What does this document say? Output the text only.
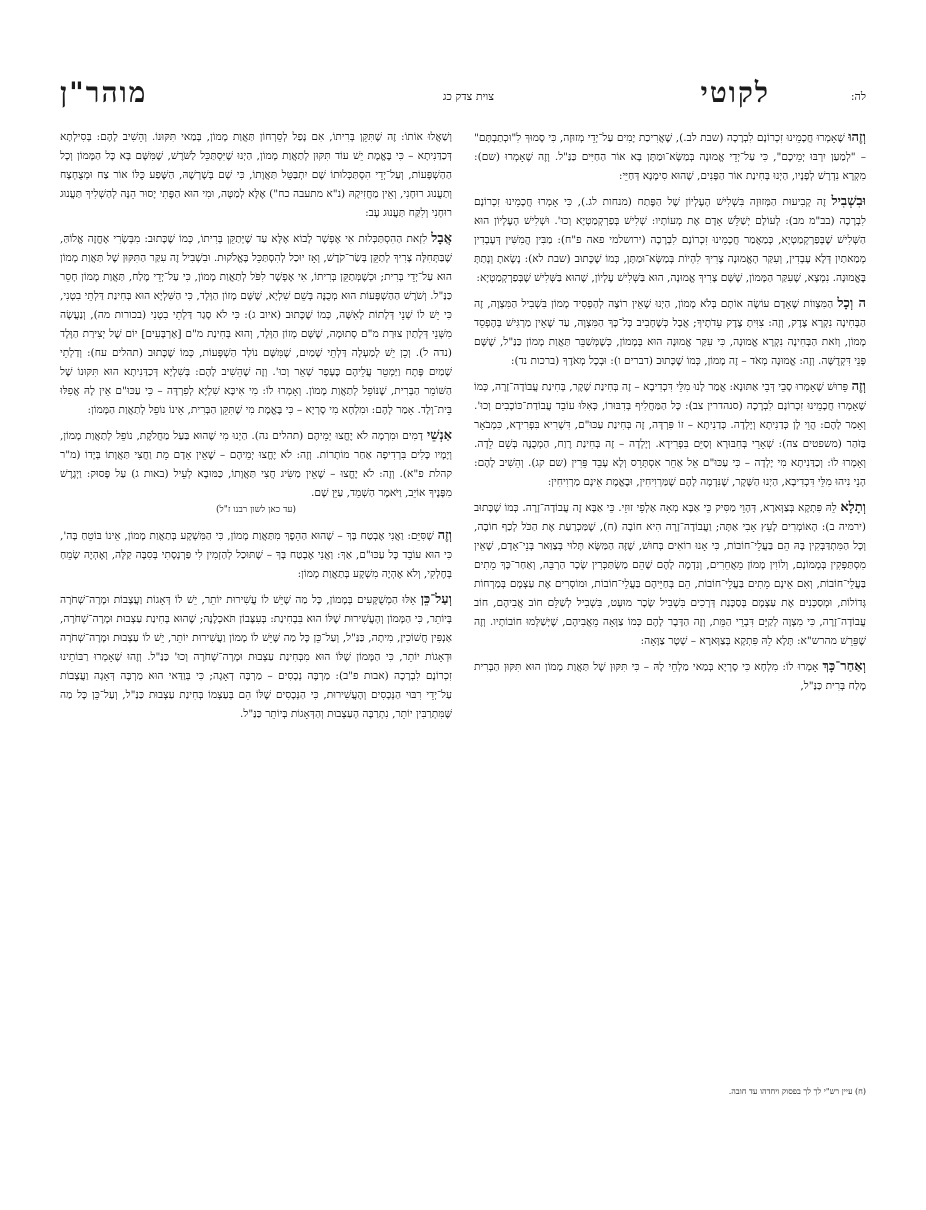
לה:
לקוטי
צוית צדק כג
מוהר"ן

וְזֶהוּ שֶׁאָמְרוּ חֲכָמֵינוּ זִכְרוֹנָם לִבְרָכָה (שבת לב.), שֶׁאֲרִיכַת יָמִים עַל־יְדֵי מְזוּזָה, כִּי סָמוּךְ לִ"וּכְתַבְתָּם" – "לְמַעַן יִרְבּוּ יְמֵיכֶם", כִּי עַל־יְדֵי אֱמוּנָה בְּמַשָּׂא־וּמַתָּן בָּא אוֹר הַחַיִּים כַּנַּ"ל. וְזֶה שֶׁאָמְרוּ (שם): מִקְרָא נִדְרָשׁ לְפָנָיו, הַיְנוּ בְּחִינַת אוֹר הַפָּנִים, שֶׁהוּא סִימָנָא דְּחַיֵּי:

וּבִשְׁבִיל זֶה קְבִיעוּת הַמְּזוּזָה בִּשְׁלִישׁ הָעֶלְיוֹן שֶׁל הַפֶּתַח (מנחות לג.), כִּי אָמְרוּ חֲכָמֵינוּ זִכְרוֹנָם לִבְרָכָה (בב"מ מב): לְעוֹלָם יְשַׁלֵּשׁ אָדָם אֶת מְעוֹתָיו: שְׁלִישׁ בְּפַרְקְמַטְיָא וְכוּ'. וּשְׁלִישׁ הָעֶלְיוֹן הוּא הַשְּׁלִישׁ שֶׁבְּפַרְקְמַטְיָא, כְּמַאֲמַר חֲכָמֵינוּ זִכְרוֹנָם לִבְרָכָה (ירושלמי פאה פ"ח): מַבִּין הֲמִשִּׁין דְּעָבְדִין מְמַאתַיִן דְּלָא עָבְדִין, וְעִקַּר הָאֱמוּנָה צָרִיךְ לִהְיוֹת בְּמַשָּׂא־וּמַתָּן, כְּמוֹ שֶׁכָּתוּב (שבת לא): נָשָׂאתָ וְנָתַתָּ בֶּאֱמוּנָה. נִמְצָא, שֶׁעִקַּר הַמָּמוֹן, שֶׁשָּׁם צָרִיךְ אֱמוּנָה, הוּא בַּשְּׁלִישׁ עֶלְיוֹן, שֶׁהוּא בַּשְּׁלִישׁ שֶׁבְּפַרְקְמַטְיָא:

ה וְכָל הַמִּצְווֹת שֶׁאָדָם עוֹשֶׂה אוֹתָם בְּלֹא מָמוֹן, הַיְנוּ שֶׁאֵין רוֹצֶה לְהַפְסִיד מָמוֹן בִּשְׁבִיל הַמִּצְוָה, זֶה הַבְּחִינָה נִקְרָא צֶדֶק, וְזֶה: צִוִּיתָ צֶדֶק עֵדֹתֶיךָ; אֲבָל כְּשֶׁחָבִיב כָּל־כָּךְ הַמִּצְוָה, עַד שֶׁאֵין מַרְגִּישׁ בְּהֶפְסֵד מָמוֹן, וְזֹאת הַבְּחִינָה נִקְרָא אֱמוּנָה, כִּי עִקַּר אֱמוּנָה הוּא בְּמָמוֹן, כְּשֶׁמְּשַׁבֵּר תַּאֲוַת מָמוֹן כַּנַּ"ל, שֶׁשָּׁם פְּנֵי דִּקְדֻשָּׁה. וְזֶה: אֱמוּנָה מְאֹד – זֶה מָמוֹן, כְּמוֹ שֶׁכָּתוּב (דברים ו): וּבְכָל מְאֹדֶךָ (ברכות נד):

וְזֶה פֵּרוּשׁ שֶׁאָמְרוּ סָבֵי דְּבֵי אַתּוּנָא: אֲמַר לָנוּ מִלֵּי דִּכְדִיבָא – זֶה בְּחִינַת שֶׁקֶר, בְּחִינַת עֲבוֹדָה־זָרָה, כְּמוֹ שֶׁאָמְרוּ חֲכָמֵינוּ זִכְרוֹנָם לִבְרָכָה (סנהדרין צב): כָּל הַמַּחֲלִיף בְּדִבּוּרוֹ, כְּאִלּוּ עוֹבֵד עֲבוֹדַת־כּוֹכָבִים וְכוּ'. וְאָמַר לָהֶם: הֲוֵי לָן כְּדַנִיתָא וְיָלְדָה. כְּדַנִיתָא – זוֹ פִּרְדָּה, זֶה בְּחִינַת עַכּוּ"ם, דִּשְׁרִיא בִּפְרִידָא, כִּמְבֹאָר בַּזֹּהַר (משפטים צה): שְׁאָרֵי בְּחִבּוּרָא וְסַיֵּם בִּפְרִידָא. וְיָלְדָה – זֶה בְּחִינַת רֶוַח, הַמְכֻנֶּה בְּשֵׁם לֵדָה. וְאָמְרוּ לוֹ: וְכַדַּנִיתָא מִי יָלְדָה – כִּי עַכּוּ"ם אֵל אַחֵר אִסְתָּרֵס וְלָא עָבֵד פֵּרִין (שם קג). וְהֵשִׁיב לָהֶם: הָנֵי נִיהוּ מִלֵּי דִּכְדִיבָא, הַיְנוּ הַשֶּׁקֶר, שֶׁנִּדְמֶה לָהֶם שֶׁמַּרְוִיחִין, וּבֶאֱמֶת אֵינָם מַרְוִיחִין:

וְתָלָא לֵהּ פִּתְקָא בְּצַוְּארָא, דְּהָוֵי מַסִּיק כֵּי אַבָּא מְאָה אַלְפֵי זוּזֵי. כֵּי אַבָּא זֶה עֲבוֹדָה־זָרָה. כְּמוֹ שֶׁכָּתוּב (ירמיה ב): הָאוֹמְרִים לָעֵץ אָבִי אַתָּה; וַעֲבוֹדָה־זָרָה הִיא חוֹבָה (ח), שֶׁמַּכְרַעַת אֶת הַכֹּל לְכַף חוֹבָה, וְכָל הַמִּתְדַּבְּקִין בָּהּ הֵם בַּעֲלֵי־חוֹבוֹת, כִּי אָנוּ רוֹאִים בְּחוּשׁ, שֶׁזֶּה הַמַּשָּׂא תָּלוּי בְּצַוַּאר בְּנֵי־אָדָם, שֶׁאֵין מִסְתַּפְּקִין בְּמָמוֹנָם, וְלוֹוִין מָמוֹן מֵאֲחֵרִים, וְנִדְמֶה לָהֶם שֶׁהֵם מַשְׂתַּכְּרִין שָׂכָר הַרְבֵּה, וְאַחַר־כָּךְ מֵתִים בַּעֲלֵי־חוֹבוֹת, וְאִם אֵינָם מֵתִים בַּעֲלֵי־חוֹבוֹת, הֵם בְּחַיֵּיהֶם בַּעֲלֵי־חוֹבוֹת, וּמוֹסְרִים אֶת עַצְמָם בְּמַרְחוֹת גְּדוֹלוֹת, וּמְסַכְּנִים אֶת עַצְמָם בְּסַכָּנַת דְּרָכִים בִּשְׁבִיל שָׂכָר מוּעָט, בִּשְׁבִיל לְשַׁלֵּם חוֹב אֲבִיהֶם, חוֹב עֲבוֹדָה־זָרָה, כִּי מִצְוָה לְקַיֵּם דִּבְרֵי הַמֵּת, וְזֶה הַדָּבָר לָהֶם כְּמוֹ צַוָּאָה מֵאֲבִיהֶם, שֶׁיְּשַׁלְּמוּ חוֹבוֹתָיו. וְזֶה שֶׁפֵּרֵשׁ מהרש"א: תָּלָא לֵהּ פִּתְקָא בְּצַוְּארָא – שְׁטָר צַוָּאָה:

וְאַחַר־כָּךְ אָמְרוּ לוֹ: מִלְחָא כִּי סָרְיָא בְּמַאי מַלְחֵי לָהּ – כִּי תִּקּוּן שֶׁל תַּאֲוַת מָמוֹן הוּא תִּקּוּן הַבְּרִית מֶלַח בְּרִית כַּנַּ"ל,

וְשַׁאֲלוּ אוֹתוֹ: זֶה שֶׁתִּקֵּן בְּרִיתוֹ, אִם נָפַל לְסֵרְחוֹן תַּאֲוַת מָמוֹן, בְּמַאי תִּקּוּנוֹ. וְהֵשִׁיב לָהֶם: בְּסִילְתָא דְּכַדַּנִיתָא – כִּי בֶּאֱמֶת יֵשׁ עוֹד תִּקּוּן לְתַאֲוַת מָמוֹן, הַיְנוּ שֶׁיִּסְתַּכֵּל לַשֹּׁרֶשׁ, שֶׁמִּשָּׁם בָּא כָּל הַמָּמוֹן וְכָל הַהַשְׁפָּעוֹת, וְעַל־יְדֵי הִסְתַּכְּלוּתוֹ שָׁם יִתְבַּטֵּל תַּאֲוָתוֹ, כִּי שָׁם בְּשָׁרְשָׁהּ, הַשֶּׁפַע כֻּלּוֹ אוֹר צַח וּמְצֻחְצָח וְתַעֲנוּג רוּחָנִי, וְאֵין מַחֲזִיקָהּ (נ"א מתעבה כח") אֶלָּא לְמַטָּה, וּמִי הוּא הַפֶּתִי יָסוּר הֵנָּה לְהַשְׁלִיךְ תַּעֲנוּג רוּחָנִי וְלִקַּח תַּעֲנוּג עָב:

אֲבָל לִזְאת הַהִסְתַּכְּלוּת אִי אֶפְשָׁר לָבוֹא אֶלָּא עַד שֶׁיְּתַקֵּן בְּרִיתוֹ, כְּמוֹ שֶׁכָּתוּב: מִבְּשָׂרִי אֶחֱזֶה אֱלוֹהַּ, שֶׁבַּתְּחִלָּה צָרִיךְ לְתַקֵּן בְּשַׂר־קֹדֶשׁ, וְאָז יוּכַל לְהִסְתַּכֵּל בֶּאֱלֹקוּת. וּבִשְׁבִיל זֶה עִקַּר הַתִּקּוּן שֶׁל תַּאֲוַת מָמוֹן הוּא עַל־יְדֵי בְּרִית; וּכְשֶׁמְּתַקֵּן בְּרִיתוֹ, אִי אֶפְשָׁר לִפֹּל לְתַאֲוַת מָמוֹן, כִּי עַל־יְדֵי מֶלַח, תַּאֲוַת מָמוֹן חָסֵר כַּנַּ"ל. וְשֹׁרֶשׁ הַהַשְׁפָּעוֹת הוּא מְכֻנֶּה בְּשֵׁם שִׁלְיָא, שֶׁשָּׁם מָזוֹן הַוָּלָד, כִּי הַשִּׁלְיָא הוּא בְּחִינַת דַּלְתֵי בִטְנִי, כִּי יֵשׁ לוֹ שְׁנֵי דְּלָתוֹת לָאִשָּׁה, כְּמוֹ שֶׁכָּתוּב (איוב ג): כִּי לֹא סָגַר דַּלְתֵי בִטְנִי (בכורות מה), וְנַעֲשָׂה מִשְּׁנֵי דְּלָתַיִן צוּרַת מ"ם סְתוּמָה, שֶׁשָּׁם מְזוֹן הַוָּלָד, וְהוּא בְּחִינַת מ"ם [אַרְבָּעִים] יוֹם שֶׁל יְצִירַת הַוָּלָד (נדה ל). וְכֵן יֵשׁ לְמַעְלָה דַּלְתֵי שָׁמַיִם, שֶׁמִּשָּׁם נוֹלָד הַשְׁפָּעוֹת, כְּמוֹ שֶׁכָּתוּב (תהלים עח): וְדַלְתֵי שָׁמַיִם פָּתָח וַיַּמְטֵר עֲלֵיהֶם כֶּעָפָר שְׁאֵר וְכוּ'. וְזֶה שֶׁהֵשִׁיב לָהֶם: בְּשִׁלְיָא דְּכַדַּנִיתָא הוּא תִּקּוּנוֹ שֶׁל הַשּׁוֹמֵר הַבְּרִית, שֶׁנּוֹפֵל לְתַאֲוַת מָמוֹן. וְאָמְרוּ לוֹ: מִי אִיכָּא שִׁלְיָא לְפִרְדָּה – כִּי עַכּוּ"ם אֵין לָהּ אֲפִלּוּ בֵּית־וָלָד. אָמַר לָהֶם: וּמִלְחָא מִי סָרְיָא – כִּי בֶּאֱמֶת מִי שֶׁתִּקֵּן הַבְּרִית, אֵינוֹ נוֹפֵל לְתַאֲוַת הַמָּמוֹן:

אַנְשֵׁי דָמִים וּמִרְמָה לֹא יֶחֱצוּ יְמֵיהֶם (תהלים נה). הַיְנוּ מִי שֶׁהוּא בַּעַל מַחֲלֹקֶת, נוֹפֵל לְתַאֲוַת מָמוֹן, וְיָמָיו כָּלִים בִּרְדִיפָה אַחַר מוֹתָרוֹת. וְזֶה: לֹא יֶחֱצוּ יְמֵיהֶם – שֶׁאֵין אָדָם מֵת וַחֲצִי תַּאֲוָתוֹ בְּיָדוֹ (מ"ר קהלת פ"א). וְזֶה: לֹא יֶחֱצוּ – שֶׁאֵין מַשִּׂיג חֲצִי תַּאֲוָתוֹ, כַּמּוּבָא לְעֵיל (באות ג) עַל פָּסוּק: וַיְגָרֶשׁ מִפָּנֶיךָ אוֹיֵב, וַיֹּאמֶר הַשְׁמֵד, עַיֵּן שָׁם.
(עד כאן לשון רבנו ז"ל)

וְזֶה שֶׁסִּיֵּם: וַאֲנִי אֶבְטַח בָּךְ – שֶׁהוּא הַהֵפֶךְ מִתַּאֲוַת מָמוֹן, כִּי הַמִּשְׁקָע בְּתַאֲוַת מָמוֹן, אֵינוֹ בּוֹטֵחַ בָּה', כִּי הוּא עוֹבֵד כָּל עַכּוּ"ם, אַךְ: וַאֲנִי אֶבְטַח בָּךְ – שֶׁתּוּכַל לְהַזְמִין לִי פַּרְנָסָתִי בְּסִבָּה קַלָּה, וְאֶהְיֶה שָׂמֵחַ בְּחֶלְקִי, וְלֹא אֶהְיֶה מִשְׁקָע בְּתַאֲוַת מָמוֹן:

וְעַל־כֵּן אֵלּוּ הַמְשֻׁקָּעִים בְּמָמוֹן, כָּל מַה שֶׁיֵּשׁ לוֹ עֲשִׁירוּת יוֹתֵר, יֵשׁ לוֹ דְּאָגוֹת וַעֲצָבוֹת וּמָרָה־שְׁחֹרָה בְּיוֹתֵר, כִּי הַמָּמוֹן וְהָעֲשִׁירוּת שֶׁלּוֹ הוּא בִּבְחִינַת: בְּעִצָּבוֹן תֹּאכְלֶנָּה; שֶׁהוּא בְּחִינַת עַצְבוּת וּמָרָה־שְׁחֹרָה, אַנְפִּין חֲשׁוֹכִין, מִיתָה, כַּנַּ"ל, וְעַל־כֵּן כָּל מַה שֶּׁיֵּשׁ לוֹ מָמוֹן וַעֲשִׁירוּת יוֹתֵר, יֵשׁ לוֹ עַצְבוּת וּמָרָה־שְׁחֹרָה וּדְאָגוֹת יוֹתֵר, כִּי הַמָּמוֹן שֶׁלּוֹ הוּא מִבְּחִינַת עַצְבוּת וּמָרָה־שְׁחֹרָה וְכוּ' כַּנַּ"ל. וְזֶהוּ שֶׁאָמְרוּ רַבּוֹתֵינוּ זִכְרוֹנָם לִבְרָכָה (אבות פ"ב): מַרְבֶּה נְכָסִים – מַרְבֶּה דְאָגָה; כִּי בְּוַדַּאי הוּא מַרְבֶּה דְּאָגָה וַעֲצָבוֹת עַל־יְדֵי רִבּוּי הַנְּכָסִים וְהָעֲשִׁירוּת, כִּי הַנְּכָסִים שֶׁלּוֹ הֵם בְּעַצְמוֹ בְּחִינַת עַצְבוּת כַּנַּ"ל, וְעַל־כֵּן כָּל מַה שֶּׁמִּתְרַבִּין יוֹתֵר, נִתְרַבָּה הָעַצְבוּת וְהַדְּאָגוֹת בְּיוֹתֵר כַּנַּ"ל.

(ח) עיין רש"י לך לך בפסוק ויחדהו עד חובה.
